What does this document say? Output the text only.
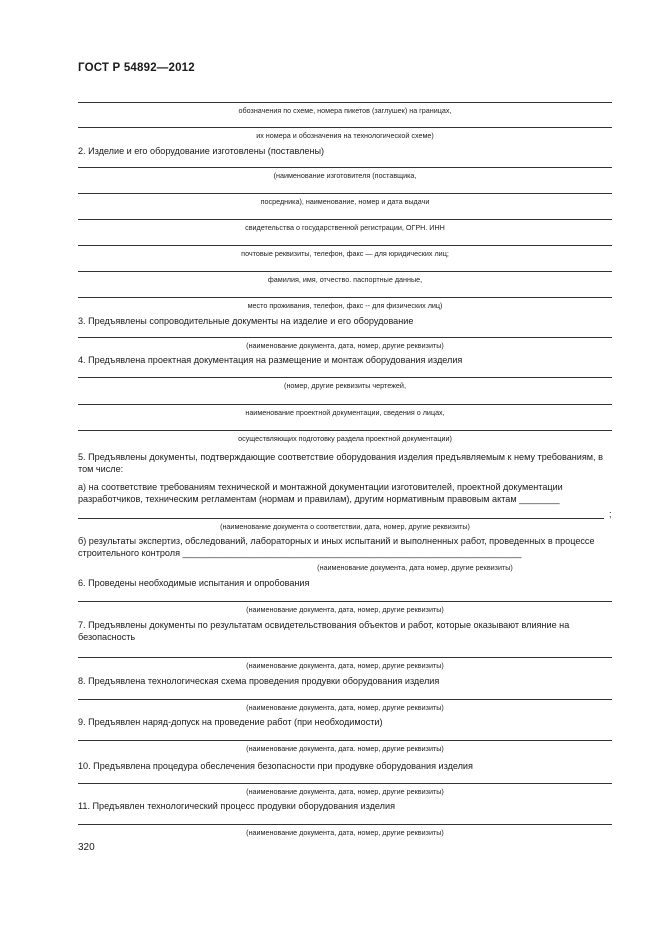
ГОСТ Р 54892—2012
обозначения по схеме, номера пикетов (заглушек) на границах,
их номера и обозначения на технологической схеме)
2. Изделие и его оборудование изготовлены (поставлены)
(наименование изготовителя (поставщика,
посредника), наименование, номер и дата выдачи
свидетельства о государственной регистрации, ОГРН. ИНН
почтовые реквизиты, телефон, факс — для юридических лиц;
фамилия, имя, отчество. паспортные данные,
место проживания, телефон, факс -- для физических лиц)
3. Предъявлены сопроводительные документы на изделие и его оборудование
(наименование документа, дата, номер, другие реквизиты)
4. Предъявлена проектная документация на размещение и монтаж оборудования изделия
(номер, другие реквизиты чертежей,
наименование проектной документации, сведения о лицах,
осуществляющих подготовку раздела проектной документации)
5. Предъявлены документы, подтверждающие соответствие оборудования изделия предъявляемым к нему требованиям, в том числе:
а) на соответствие требованиям технической и монтажной документации изготовителей, проектной документации разработчиков, техническим регламентам (нормам и правилам), другим нормативным правовым актам ________
;
(наименование документа о соответствии, дата, номер, другие реквизиты)
б) результаты экспертиз, обследований, лабораторных и иных испытаний и выполненных работ, проведенных в процессе строительного контроля ___________________________________________________________________
(наименование документа, дата номер, другие реквизиты)
6. Проведены необходимые испытания и опробования
(наименование документа, дата, номер, другие реквизиты)
7. Предъявлены документы по результатам освидетельствования объектов и работ, которые оказывают влияние на безопасность
(наименование документа, дата, номер, другие реквизиты)
8. Предъявлена технологическая схема проведения продувки оборудования изделия
(наименование документа, дата, номер, другие реквизиты)
9. Предъявлен наряд-допуск на проведение работ (при необходимости)
(наименование документа, дата. номер, другие реквизиты)
10. Предъявлена процедура обеслечения безопасности при продувке оборудования изделия
(наименование документа, дата, номер, другие реквизиты)
11. Предъявлен технологический процесс продувки оборудования изделия
(наименование документа, дата, номер, другие реквизиты)
320
